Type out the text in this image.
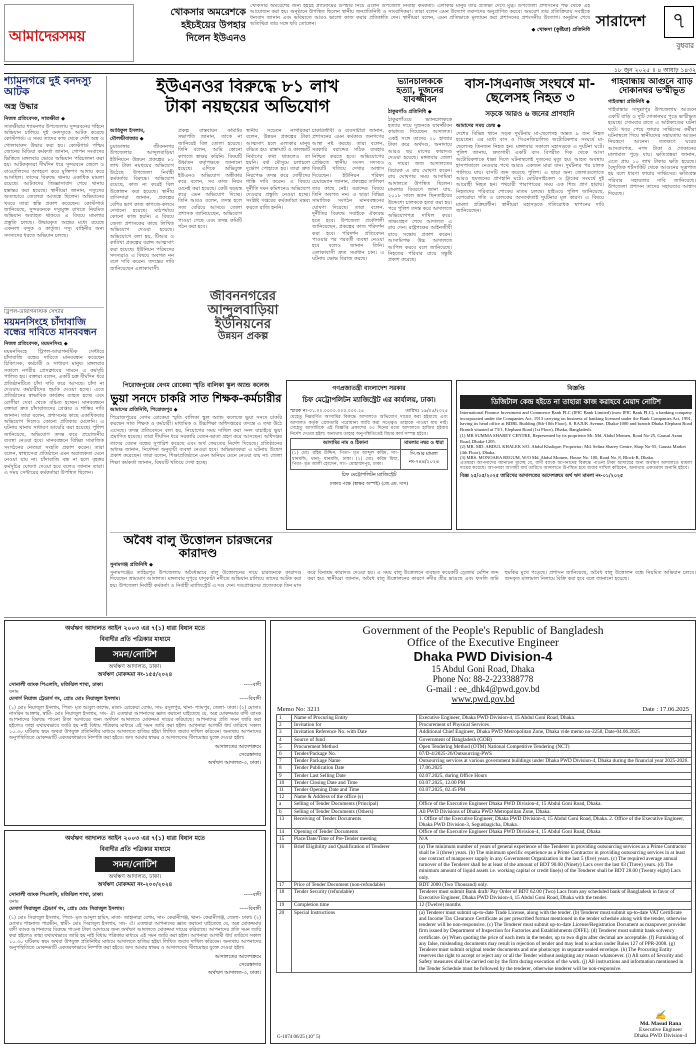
আমাদেরসময়
খোকসার অমরেশকে
হইচইয়ের উপহার
দিলেন ইউএনও
খোকসার অমরেশের জন্য হইচই প্ল্যাটফর্মের উপহার নিয়ে এলেন উপজেলা নির্বাহী কর্মকর্তা। এলাকার মানুষ তার প্রতিভা দেখে মুগ্ধ। উপজেলা প্রশাসনের পক্ষ থেকে এই আয়োজন করা হয়। অনুষ্ঠানে উপস্থিত ছিলেন স্থানীয় জনপ্রতিনিধি ও সাংবাদিকরা। তারা বলেন এমন উদ্যোগ তরুণদের অনুপ্রাণিত করবে। অমরেশ তার প্রতিক্রিয়ায় সবাইকে ধন্যবাদ জানান এবং ভবিষ্যতে আরও ভালো কাজ করার প্রতিশ্রুতি দেন। স্থানীয়রা বলেন, এমন প্রতিভাকে মূল্যায়ন করা প্রশাসনের প্রশংসনীয় উদ্যোগ। অনুষ্ঠান শেষে অতিথিরা তার সঙ্গে ছবি তোলেন।
◆ খোকসা (কুষ্টিয়া) প্রতিনিধি সারাদেশ ৭
বুধবার
১৮ জুন ২০২৫ ॥ ৪ আষাঢ় ১৪৩২
শ্যামনগরে দুই বনদস্যু আটক
অস্ত্র উদ্ধার
নিজস্ব প্রতিবেদক, সাতক্ষীরা ◆
সাতক্ষীরার শ্যামনগর উপজেলায় সুন্দরবনের গহিনে অভিযান চালিয়ে দুই বনদস্যুকে আটক করেছে কোস্টগার্ড। এ সময় তাদের কাছ থেকে দেশি অস্ত্র ও গোলাবারুদ উদ্ধার করা হয়। কোস্টগার্ড পশ্চিম জোনের মিডিয়া কর্মকর্তা জানান, গোপন সংবাদের ভিত্তিতে মঙ্গলবার ভোরে অভিযান পরিচালনা করা হয়। আটককৃতরা দীর্ঘদিন ধরে সুন্দরবনে জেলে ও বাওয়ালিদের অপহরণ করে মুক্তিপণ আদায় করে আসছিল। তাদের বিরুদ্ধে থানায় একাধিক মামলা রয়েছে। আটকদের জিজ্ঞাসাবাদ শেষে থানায় হস্তান্তর করা হয়েছে। স্থানীয়রা জানান, দস্যুদের অত্যাচারে জেলেরা আতঙ্কে ছিলেন। অভিযানের খবরে তারা স্বস্তি প্রকাশ করেছেন। কোস্টগার্ড জানিয়েছে, সুন্দরবনকে দস্যুমুক্ত রাখতে নিয়মিত অভিযান অব্যাহত থাকবে। এ বিষয়ে মামলার প্রস্তুতি চলছে। উদ্ধারকৃত অস্ত্রের মধ্যে রয়েছে একনলা বন্দুক ও কার্তুজ। দস্যু বাহিনীর অন্য সদস্যদের ধরতে অভিযান চলছে।
ট্রিপল-ডায়াগনস্টিক সেন্টার
ময়মনসিংহে চাঁদাবাজি বন্ধের দাবিতে মানববন্ধন
নিজস্ব প্রতিবেদক, ময়মনসিংহ ◆
ময়মনসিংহে ট্রিপল-ডায়াগনস্টিক সেন্টারে চাঁদাবাজি বন্ধের দাবিতে মানববন্ধন করেছেন চিকিৎসক, কর্মচারী ও সাধারণ মানুষ। মঙ্গলবার সকালে নগরীর প্রেসক্লাবের সামনে এ কর্মসূচি পালিত হয়। বক্তারা বলেন, একটি চক্র দীর্ঘদিন ধরে প্রতিষ্ঠানটিতে চাঁদা দাবি করে আসছে। চাঁদা না দেওয়ায় কর্মচারীদের হুমকি দেওয়া হচ্ছে। এতে প্রতিষ্ঠানের স্বাভাবিক কার্যক্রম ব্যাহত হচ্ছে এবং রোগীরা সেবা থেকে বঞ্চিত হচ্ছেন। মানববন্ধনে বক্তারা দ্রুত চাঁদাবাজদের গ্রেপ্তার ও শাস্তির দাবি জানান। তারা বলেন, প্রশাসনের কাছে একাধিকবার অভিযোগ দিলেও কোনো প্রতিকার মেলেনি। এ ঘটনায় থানায় সাধারণ ডায়েরি করা হয়েছে। পুলিশ জানিয়েছে, অভিযোগ তদন্ত করে প্রয়োজনীয় ব্যবস্থা নেওয়া হবে। মানববন্ধনে বিভিন্ন সামাজিক সংগঠনের নেতারা সংহতি প্রকাশ করেন। তারা বলেন, স্বাস্থ্যসেবা প্রতিষ্ঠানে এমন অরাজকতা মেনে নেওয়া যায় না। চাঁদাবাজি বন্ধ না হলে বৃহত্তর কর্মসূচির ঘোষণা দেওয়া হবে বলেও জানান তারা। এ সময় সেন্টারের কর্মকর্তারা উপস্থিত ছিলেন।
ইউএনওর বিরুদ্ধে ৮১ লাখ
টাকা নয়ছয়ের অভিযোগ
আরিফুল ইসলাম, মৌলভীবাজার ◆
চুয়াডাঙ্গার জীবননগর উপজেলার আন্দুলবাড়িয়া ইউনিয়নে উন্নয়ন প্রকল্পের ৮১ লাখ টাকা নয়ছয়ের অভিযোগ উঠেছে উপজেলা নির্বাহী কর্মকর্তার বিরুদ্ধে। অভিযোগ রয়েছে, কাজ না করেই বিল উত্তোলন করা হয়েছে। স্থানীয় বাসিন্দারা জানান, প্রকল্পের বেশির ভাগ কাজ কাগজে-কলমে দেখানো হয়েছে। মাঠপর্যায়ে কোনো কাজ হয়নি। এ বিষয়ে জেলা প্রশাসকের কাছে লিখিত অভিযোগ দেওয়া হয়েছে। অভিযোগে বলা হয়, টিআর ও কাবিখা প্রকল্পের বরাদ্দ আত্মসাৎ করা হয়েছে। ইউনিয়ন পরিষদের সদস্যরাও এ বিষয়ে অবগত নন বলে দাবি করেন। তদন্তের দাবি জানিয়েছেন এলাকাবাসী।
প্রকল্প বাস্তবায়ন কমিটির সভাপতি জানান, তাকে না জানিয়েই বিল তোলা হয়েছে। তিনি বলেন, আমি কোনো কাগজে স্বাক্ষর করিনি। বিষয়টি উর্ধ্বতন কর্তৃপক্ষকে জানানো হয়েছে। এদিকে অভিযুক্ত ইউএনও অভিযোগ অস্বীকার করে বলেন, সব কাজ নিয়ম মেনেই করা হয়েছে। কেউ ষড়যন্ত্র করে এমন অভিযোগ দিচ্ছে। তিনি আরও বলেন, তদন্ত হলে সত্য বেরিয়ে আসবে। জেলা প্রশাসক জানিয়েছেন, অভিযোগ পাওয়া গেছে এবং তদন্ত কমিটি গঠন করা হবে।
স্থানীয় সচেতন নাগরিকরা বলেন, উন্নয়ন প্রকল্পের টাকা আত্মসাৎ হলে এলাকার মানুষ বঞ্চিত হয়। রাস্তাঘাট ও কালভার্ট নির্মাণের কথা থাকলেও তা হয়নি। বর্ষা মৌসুমে চলাচলে দুর্ভোগ পোহাতে হয়। তারা দ্রুত নিরপেক্ষ তদন্ত করে দোষীদের শাস্তি দাবি করেন। এ বিষয়ে দুর্নীতি দমন কমিশনেও অভিযোগ দেওয়ার প্রস্তুতি নেওয়া হচ্ছে। সংশ্লিষ্ট দপ্তরের কর্মকর্তারা মন্তব্য করতে রাজি হননি।
জীবননগরের
আন্দুলবাড়িয়া
ইউনিয়নের
উন্নয়ন প্রকল্প
চাকরিজীবী ও ব্যবসায়ীরা জানান, প্রশাসনের এমন কর্মকাণ্ড জনগণের আস্থা নষ্ট করছে। তারা বলেন, সরকারি বরাদ্দের সঠিক ব্যবহার নিশ্চিত করতে হবে। অভিযোগের প্রেক্ষিতে স্থানীয় সংসদ সদস্যও বিষয়টি খতিয়ে দেখার আশ্বাস দিয়েছেন। ইউনিয়ন পরিষদ চেয়ারম্যান জানান, প্রকল্পের তালিকা তার কাছে নেই। বরাদ্দের বিষয়ে তিনি অবগত নন। এ ছাড়া বিভিন্ন সামাজিক সংগঠন মানববন্ধনের ঘোষণা দিয়েছে। তারা বলেন, দুর্নীতির বিরুদ্ধে সবাইকে ঐক্যবদ্ধ হতে হবে। উপজেলা প্রকৌশলী জানিয়েছেন, প্রকল্পের কাজ পরিদর্শন করা হবে। পরিদর্শন প্রতিবেদন পাওয়ার পর পরবর্তী ব্যবস্থা নেওয়া হবে বলেও জানান তিনি। এলাকাবাসী দ্রুত সমাধান চান। এ ঘটনায় ক্ষোভ বিরাজ করছে।
ভ্যানচালককে হত্যা, দুজনের যাবজ্জীবন
ঠাকুরগাঁও প্রতিনিধি ◆
ঠাকুরগাঁওয়ে ভ্যানচালককে হত্যার দায়ে দুজনকে যাবজ্জীবন কারাদণ্ড দিয়েছেন আদালত। একই সঙ্গে তাদের ২০ হাজার টাকা করে অর্থদণ্ড, অনাদায়ে আরও ছয় মাসের কারাদণ্ড দেওয়া হয়েছে। মঙ্গলবার জেলা ও দায়রা জজ আদালতের বিচারক এ রায় ঘোষণা করেন। রায় ঘোষণার সময় আসামিরা আদালতে উপস্থিত ছিলেন। মামলার বিবরণে জানা যায়, ২০১৮ সালে ভ্যান ছিনতাইয়ের উদ্দেশ্যে চালককে হত্যা করা হয়। পরে পুলিশ তদন্ত করে আদালতে অভিযোগপত্র দাখিল করে। সাক্ষ্যগ্রহণ শেষে আদালত এ রায় দেন। রাষ্ট্রপক্ষের আইনজীবী রায়ে সন্তোষ প্রকাশ করেন। আসামিপক্ষ উচ্চ আদালতে আপিল করবে বলে জানিয়েছে। নিহতের পরিবার রায়ে সন্তুষ্টি প্রকাশ করেছে।
বাস-সিএনজি সংঘর্ষে মা-ছেলেসহ নিহত ৩
সড়কে আরও ৬ জনের প্রাণহানি
আমাদের সময় ডেস্ক ◆
দেশের বিভিন্ন স্থানে সড়ক দুর্ঘটনায় মা-ছেলেসহ অন্তত ৯ জন নিহত হয়েছেন। এর মধ্যে বাস ও সিএনজিচালিত অটোরিকশার সংঘর্ষে মা-ছেলেসহ তিনজন নিহত হন। মঙ্গলবার সকালে মহাসড়কে এ দুর্ঘটনা ঘটে। পুলিশ জানায়, দ্রুতগামী একটি বাস বিপরীত দিক থেকে আসা অটোরিকশাকে ধাক্কা দিলে ঘটনাস্থলেই দুজনের মৃত্যু হয়। আহত অবস্থায় হাসপাতালে নেওয়ার পথে আরও একজন মারা যান। দুর্ঘটনার পর চালক পালিয়ে যায়। বাসটি জব্দ করেছে পুলিশ। এ ছাড়া অন্য জেলাগুলোতে আরও ছয়জনের প্রাণহানি ঘটে। মোটরসাইকেল ও ট্রাকের সংঘর্ষে দুই আরোহী নিহত হন। পথচারী পারাপারের সময় এক শিশু প্রাণ হারায়। নিহতদের পরিবারে শোকের মাতম চলছে। হাইওয়ে পুলিশ জানিয়েছে, বেপরোয়া গতি ও চালকের অসতর্কতাই দুর্ঘটনার মূল কারণ। এ বিষয়ে মামলা প্রক্রিয়াধীন। স্থানীয়রা মহাসড়কে গতিরোধক স্থাপনের দাবি জানিয়েছেন।
গাইবান্ধায় আগুনে বাড়ি দোকানঘর ভস্মীভূত
গাইবান্ধা প্রতিনিধি ◆
গাইবান্ধার সাদুল্লাপুর উপজেলায় আগুনে একটি বাড়ি ও দুটি দোকানঘর পুড়ে ভস্মীভূত হয়েছে। সোমবার রাতে এ অগ্নিকাণ্ডের ঘটনা ঘটে। খবর পেয়ে ফায়ার সার্ভিসের কর্মীরা ঘটনাস্থলে গিয়ে স্থানীয়দের সহায়তায় আগুন নিয়ন্ত্রণে আনেন। ততক্ষণে ঘরের আসবাবপত্র, নগদ টাকা ও দোকানের মালামাল পুড়ে যায়। ক্ষতিগ্রস্তরা জানান, এতে প্রায় ১০ লাখ টাকার ক্ষতি হয়েছে। বৈদ্যুতিক শর্টসার্কিট থেকে আগুনের সূত্রপাত হয় বলে ধারণা ফায়ার সার্ভিসের। ক্ষতিগ্রস্ত পরিবার সহায়তার দাবি জানিয়েছে। উপজেলা প্রশাসন তাদের সহায়তার আশ্বাস দিয়েছে।
বিজ্ঞপ্তি
ডিজিটাল কেন্দ্র হইতে না তাহারা কাজ করাহবে মেয়াদ নোটিশ
International Finance Investment and Commerce Bank PLC (IFIC Bank Limited) (now IFIC Bank PLC), a banking company incorporated under the Companies Act, 1913 carrying on business of banking licensed under the Bank Companies Act, 1991, having its head office at BDBL Building (8th-10th Floor), 8, RAJUK Avenue, Dhaka-1000 and branch Dhaka Elephant Road Branch situated at 73/1, Elephant Road (1st Floor), Dhaka, Bangladesh.
(1) MR SUMMA SHAREY CENTRE, Represented by its proprietor Mr. Md. Abdul Momen, Road No-25, Gausul Azam Road, Dhaka-1205.
(2) MR. MD. ABDUL KHALEK S/O. Abdul Khalique, Proprietor; Md. Selina Sharey Centre, Shop No-55, Gausia Market (4th Floor), Dhaka.
(3) MRS. MONOARA BEGUM, W/O Md. Abdul Momen, House No. 100, Road No. 8, Block-B, Dhaka.
এতদ্বারা আপনাদের জানানো যাচ্ছে যে, বাদী ব্যাংক আপনাদের বিরুদ্ধে পাওনা টাকা আদায়ের জন্য অর্থঋণ আদালতে মামলা দায়ের করেছে। আপনারা আগামী ধার্য তারিখে আদালতে উপস্থিত হয়ে জবাব দাখিল করিবেন, অন্যথায় একতরফা শুনানি হইবে।
বিজ্ঞ ২৫/০৫/২০২৫ তারিখের আদালতের আদেশক্রমে অর্থ ঋণ মামলা নং-০১/২০২৫
গণপ্রজাতন্ত্রী বাংলাদেশ সরকার
চিফ মেট্রোপলিটন ম্যাজিস্ট্রেট এর কার্যালয়, ঢাকা।
স্মারক নং-০১.০০.০০০০.০০০.০০০.২৫	তারিখঃ ১৯/০৫/২০২৫
যেহেতু নিম্নবর্ণিত আসামির বিরুদ্ধে আদালতে অভিযোগ দায়ের করা হইয়াছে এবং আদালত কর্তৃক গ্রেফতারি পরোয়ানা জারি করা সত্ত্বেও তাহাকে পাওয়া যায় নাই। সেহেতু আসামিকে এই বিজ্ঞপ্তি প্রকাশের ৩০ দিনের মধ্যে আদালতে হাজির হইবার নির্দেশ দেওয়া হইল। অন্যথায় তাহার অনুপস্থিতিতেই বিচার কার্য সম্পন্ন হইবে।
আসামির নাম ও ঠিকানা	মামলার নম্বর ও ধারা
(১) মোঃ রহিম উদ্দিন, পিতা- মৃত আব্দুল করিম, সাং- ধানমন্ডি, থানা- ধানমন্ডি, ঢাকা। (২) মোঃ করিম মিয়া, পিতা- মৃত আলী হোসেন, সাং- মোহাম্মদপুর, ঢাকা।	সি.আর মামলা নং-৭৪৪/২০২৪
চিফ মেট্রোপলিটন ম্যাজিস্ট্রেট
ঢাকার পক্ষে (স্বাক্ষর অস্পষ্ট) (জে.এম. দাস)
পিরোজপুরের বেগম রোকেয়া স্মৃতি বালিকা স্কুল অ্যান্ড কলেজ
ভুয়া সনদে চাকরি সাত শিক্ষক-কর্মচারীর
আমাদের প্রতিনিধি, পিরোজপুর ◆
পিরোজপুরের বেগম রোকেয়া স্মৃতি বালিকা স্কুল অ্যান্ড কলেজে ভুয়া সনদে চাকরি করছেন সাত শিক্ষক ও কর্মচারী। মাধ্যমিক ও উচ্চশিক্ষা অধিদপ্তরের তদন্তে এ তথ্য উঠে এসেছে। তদন্ত প্রতিবেদনে বলা হয়, নিয়োগের সময় দাখিল করা সনদ যাচাইয়ে ভুয়া প্রমাণিত হয়েছে। তারা দীর্ঘদিন ধরে সরকারি বেতন-ভাতা গ্রহণ করে আসছেন। অধিদপ্তর তাদের বেতন বন্ধের সুপারিশ করেছে এবং অর্থ ফেরতের নির্দেশ দিয়েছে। প্রতিষ্ঠানের অধ্যক্ষ জানান, নির্দেশনা অনুযায়ী ব্যবস্থা নেওয়া হবে। অভিভাবকরা এ ঘটনায় উদ্বেগ প্রকাশ করেছেন। তারা বলেন, শিক্ষাপ্রতিষ্ঠানে এমন অনিয়ম মেনে নেওয়া যায় না। জেলা শিক্ষা কর্মকর্তা জানান, বিষয়টি খতিয়ে দেখা হচ্ছে।
অবৈধ বালু উত্তোলন চারজনের কারাদণ্ড
সুনামগঞ্জ প্রতিনিধি ◆
সুনামগঞ্জের তাহিরপুর উপজেলায় অবৈধভাবে বালু উত্তোলনের দায়ে চারজনকে কারাদণ্ড দিয়েছেন ভ্রাম্যমাণ আদালত। মঙ্গলবার দুপুরে যাদুকাটা নদীতে অভিযান চালিয়ে তাদের আটক করা হয়। উপজেলা নির্বাহী কর্মকর্তা ও নির্বাহী ম্যাজিস্ট্রেট এ দণ্ড দেন। দণ্ডপ্রাপ্তদের প্রত্যেককে তিন মাস করে বিনাশ্রম কারাদণ্ড দেওয়া হয়। এ সময় বালু উত্তোলনে ব্যবহৃত কয়েকটি ড্রেজার মেশিন জব্দ করা হয়। স্থানীয়রা জানান, অবৈধ বালু উত্তোলনের কারণে নদীর তীর ভাঙছে এবং ফসলি জমি হুমকির মুখে পড়েছে। প্রশাসন জানিয়েছে, অবৈধ বালু উত্তোলন বন্ধে নিয়মিত অভিযান চলবে। জব্দকৃত মালামাল নিলামে বিক্রি করা হবে বলে জানানো হয়েছে।
অর্থঋণ আদালত আইন ২০০৩ এর ৭(১) ধারা বিধান মতে
বিবাদীর প্রতি পত্রিকার মাধ্যমে
সমন/নোটিশ
অর্থঋণ আদালত, ঢাকা।
অর্থঋণ মোকদ্দমা নং-১৫৫/২০২৪
সোনালী ব্যাংক পিএলসি, মতিঝিল শাখা, ঢাকা।	-----বাদী
বনাম
মেসার্স নিয়াজ ট্রেডার্স গং, প্রোঃ মোঃ নিয়াজুল ইসলাম।	-----বিবাদী
(১) মোঃ নিয়াজুল ইসলাম, পিতা- মৃত আবুল কাশেম, মাতা- রোকেয়া বেগম, সাং- রসুলপুর, থানা- শ্যামপুর, জেলা- ঢাকা। (২) মোসাঃ নাসরিন আক্তার, স্বামী- মোঃ নিয়াজুল ইসলাম, সাং- ঐ। এতদ্বারা আপনাদের জ্ঞাত করানো যাইতেছে যে, অত্র মোকদ্দমার বাদী ব্যাংক আপনাদের বিরুদ্ধে পাওনা টাকা আদায়ের জন্য অর্থঋণ আদালতে মোকদ্দমা দায়ের করিয়াছে। আপনাদের প্রতি সমন জারি করা হইলেও তাহা যথাযথভাবে জারি হয় নাই বিধায় পত্রিকার মাধ্যমে এই সমন জারি করা হইল। আপনারা আগামী ধার্য তারিখে সকাল ১০.৩০ ঘটিকায় স্বয়ং অথবা উপযুক্ত প্রতিনিধির মাধ্যমে আদালতে হাজির হইয়া লিখিত জবাব দাখিল করিবেন। অন্যথায় আপনাদের অনুপস্থিতিতে মোকদ্দমাটি একতরফাভাবে নিষ্পত্তি করা হইবে। অদ্য আমার স্বাক্ষর ও আদালতের সীলমোহর যুক্তে দেওয়া হইল।
আদালতের আদেশক্রমে
সেরেস্তাদার
অর্থঋণ আদালত-৩, ঢাকা।
অর্থঋণ আদালত আইন ২০০৩ এর ৭(১) ধারা বিধান মতে
বিবাদীর প্রতি পত্রিকার মাধ্যমে
সমন/নোটিশ
অর্থঋণ আদালত, ঢাকা।
অর্থঋণ মোকদ্দমা নং-২০০/২০২৪
সোনালী ব্যাংক পিএলসি, মতিঝিল শাখা, ঢাকা।	-----বাদী
বনাম
মেসার্স সিরাজুল ট্রেডার্স গং, প্রোঃ মোঃ সিরাজুল ইসলাম।	-----বিবাদী
(১) মোঃ সিরাজুল ইসলাম, পিতা- মৃত আব্দুল হামিদ, মাতা- জাহানারা বেগম, সাং- কেরানীগঞ্জ, থানা- কেরানীগঞ্জ, জেলা- ঢাকা। (২) মোসাঃ শাহনাজ পারভীন, স্বামী- মোঃ সিরাজুল ইসলাম, সাং- ঐ। এতদ্বারা আপনাদের জ্ঞাত করানো যাইতেছে যে, অত্র মোকদ্দমার বাদী ব্যাংক আপনাদের বিরুদ্ধে পাওনা টাকা আদায়ের জন্য অর্থঋণ আদালতে মোকদ্দমা দায়ের করিয়াছে। আপনাদের প্রতি সমন জারি করা হইলেও তাহা যথাযথভাবে জারি হয় নাই বিধায় পত্রিকার মাধ্যমে এই সমন জারি করা হইল। আপনারা আগামী ধার্য তারিখে সকাল ১০.৩০ ঘটিকায় স্বয়ং অথবা উপযুক্ত প্রতিনিধির মাধ্যমে আদালতে হাজির হইয়া লিখিত জবাব দাখিল করিবেন। অন্যথায় আপনাদের অনুপস্থিতিতে মোকদ্দমাটি একতরফাভাবে নিষ্পত্তি করা হইবে। অদ্য আমার স্বাক্ষর ও আদালতের সীলমোহর যুক্তে দেওয়া হইল।
আদালতের আদেশক্রমে
সেরেস্তাদার
অর্থঋণ আদালত-৩, ঢাকা।
Government of the People's Republic of Bangladesh
Office of the Executive Engineer
Dhaka PWD Division-4
15 Abdul Goni Road, Dhaka
Phone No: 88-2-223388778
G-mail : ee_dhk4@pwd.gov.bd
www.pwd.gov.bd
Memo No: 3211	Date : 17.06.2025
1	Name of Procuring Entity	Executive Engineer, Dhaka PWD Division-4, 15 Abdul Goni Road, Dhaka.
2	Invitation for	Procurement of Physical Services
3	Invitation Reference No. with Date	Additional Chief Engineer, Dhaka PWD Metropolitan Zone, Dhaka vide memo no-2258, Date-04.06.2025
4	Source of fund	Government of Bangladesh (GOB)
5	Procurement Method	Open Tendering Method (OTM) National Competitive Tendering (NCT)
6	Tender/Package No.	07/D-4/2025-26/Outsourcing-PWS
7	Tender Package Name	Outsourcing services at various government buildings under Dhaka PWD Division-4, Dhaka during the financial year 2025-2026.
8	Tender Publication Date	17.06.2025
9	Tender Last Selling Date	02.07.2025, during Office Hours
10	Tender Closing Date and Time	03.07.2025, 12.00 PM
11	Tender Opening Date and Time	03.07.2025, 02.45 PM
12	Name & Address of the office (s)	
a	Selling of Tender Documents (Principal)	Office of the Executive Engineer Dhaka PWD Division-4, 15 Abdul Goni Road, Dhaka.
b	Selling of Tender Documents (Others)	All PWD Divisions of Dhaka PWD Metropolitan Zone, Dhaka.
13	Receiving of Tender Documents	1. Office of the Executive Engineer, Dhaka PWD Division-4, 15 Abdul Goni Road, Dhaka. 2. Office of the Executive Engineer, Dhaka PWD Division-3, Segunbagicha, Dhaka.
14	Opening of Tender Documents	Office of the Executive Engineer Dhaka PWD Division-4, 15 Abdul Goni Road, Dhaka
15	Place/Date/Time of Pre-Tender meeting	N/A
16	Brief Eligibility and Qualification of Tenderer	(a) The minimum number of years of general experience of the Tenderer in providing outsourcing services as a Prime Contractor shall be 3 (three) years. (b) The minimum specific experience as a Prime Contractor in providing outsourcing services in at least one contract of manpower supply in any Government Organization in the last 5 (five) years. (c) The required average annual turnover of the Tenderer shall be at least of the amount of BDT 90.00 (Ninety) Lacs over the last 03 (Three) years. (d) The minimum amount of liquid assets i.e. working capital or credit line(s) of the Tenderer shall be BDT 28.00 (Twenty eight) Lacs only.
17	Price of Tender Document (non-refundable)	BDT 2000 (Two Thousand) only.
18	Tender Security (refundable)	Tenderer must submit Bank draft/ Pay Order of BDT 62.00 (Two) Lacs from any scheduled bank of Bangladesh in favor of Executive Engineer, Dhaka PWD Division-4, 15 Abdul Goni Road, Dhaka with the tender.
19	Completion time	12 (Twelve) months
20	Special Instructions	(a) Tenderer must submit up-to-date Trade License, along with the tender. (b) Tenderer must submit up-to-date VAT Certificate and Income Tax Clearance Certificate as per prescribed format mentioned in the tender schedule along with the tender, otherwise tenderer will be non-responsive. (c) The Tenderer must submit up-to-date License/Registration Document as manpower provider firm issued by Department of Inspection for Factories and Establishments (DIFE). (d) Tenderer must submit bank solvency certificate. (e) When quoting the price of each item in the tender, up to two digits after decimal are acceptable. (f) Furnishing of any false, misleading documents may result in rejection of tender and may lead to action under Rules 127 of PPR-2008. (g) Tenderer must submit original tender documents and one photocopy in separate sealed envelope. (h) The Procuring Entity reserves the right to accept or reject any or all the Tender without assigning any reason whatsoever. (i) All sorts of Security and Safety measures shall be carried out by the firm during execution of the work. (j) All instructions and information mentioned in the Tender Schedule must be followed by the tenderer, otherwise tenderer will be non-responsive.
✍
Md. Masud Rana
Executive Engineer
Dhaka PWD Division-4
G-1074 06/25 (10" 5)
